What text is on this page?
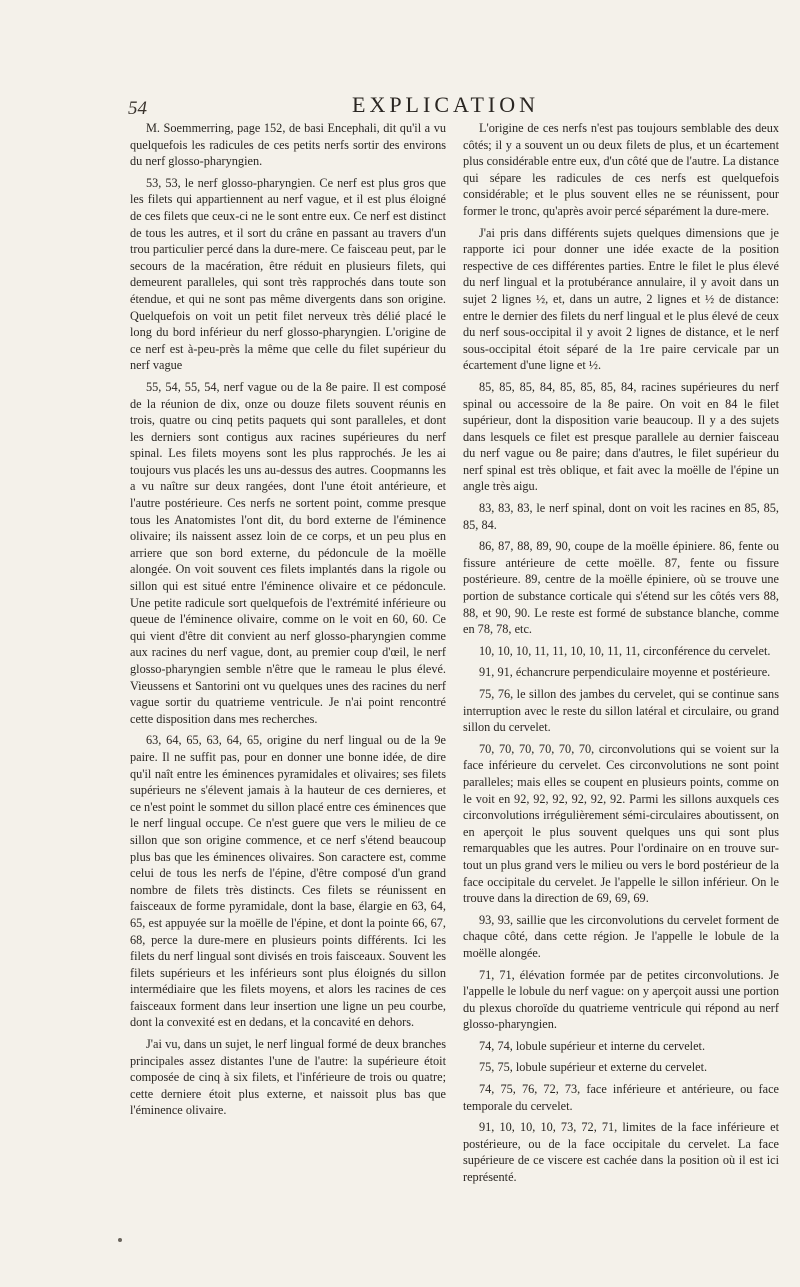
54	EXPLICATION

M. Soemmerring, page 152, de basi Encephali, dit qu'il a vu quelquefois les radicules de ces petits nerfs sortir des environs du nerf glosso-pharyngien.

53, 53, le nerf glosso-pharyngien. Ce nerf est plus gros que les filets qui appartiennent au nerf vague, et il est plus éloigné de ces filets que ceux-ci ne le sont entre eux. Ce nerf est distinct de tous les autres, et il sort du crâne en passant au travers d'un trou particulier percé dans la dure-mere. Ce faisceau peut, par le secours de la macération, être réduit en plusieurs filets, qui demeurent paralleles, qui sont très rapprochés dans toute son étendue, et qui ne sont pas même divergents dans son origine. Quelquefois on voit un petit filet nerveux très délié placé le long du bord inférieur du nerf glosso-pharyngien. L'origine de ce nerf est à-peu-près la même que celle du filet supérieur du nerf vague

55, 54, 55, 54, nerf vague ou de la 8e paire. Il est composé de la réunion de dix, onze ou douze filets souvent réunis en trois, quatre ou cinq petits paquets qui sont paralleles, et dont les derniers sont contigus aux racines supérieures du nerf spinal. Les filets moyens sont les plus rapprochés. Je les ai toujours vus placés les uns au-dessus des autres. Coopmanns les a vu naître sur deux rangées, dont l'une étoit antérieure, et l'autre postérieure. Ces nerfs ne sortent point, comme presque tous les Anatomistes l'ont dit, du bord externe de l'éminence olivaire; ils naissent assez loin de ce corps, et un peu plus en arriere que son bord externe, du pédoncule de la moëlle alongée. On voit souvent ces filets implantés dans la rigole ou sillon qui est situé entre l'éminence olivaire et ce pédoncule. Une petite radicule sort quelquefois de l'extrémité inférieure ou queue de l'éminence olivaire, comme on le voit en 60, 60. Ce qui vient d'être dit convient au nerf glosso-pharyngien comme aux racines du nerf vague, dont, au premier coup d'œil, le nerf glosso-pharyngien semble n'être que le rameau le plus élevé. Vieussens et Santorini ont vu quelques unes des racines du nerf vague sortir du quatrieme ventricule. Je n'ai point rencontré cette disposition dans mes recherches.

63, 64, 65, 63, 64, 65, origine du nerf lingual ou de la 9e paire. Il ne suffit pas, pour en donner une bonne idée, de dire qu'il naît entre les éminences pyramidales et olivaires; ses filets supérieurs ne s'élevent jamais à la hauteur de ces dernieres, et ce n'est point le sommet du sillon placé entre ces éminences que le nerf lingual occupe. Ce n'est guere que vers le milieu de ce sillon que son origine commence, et ce nerf s'étend beaucoup plus bas que les éminences olivaires. Son caractere est, comme celui de tous les nerfs de l'épine, d'être composé d'un grand nombre de filets très distincts. Ces filets se réunissent en faisceaux de forme pyramidale, dont la base, élargie en 63, 64, 65, est appuyée sur la moëlle de l'épine, et dont la pointe 66, 67, 68, perce la dure-mere en plusieurs points différents. Ici les filets du nerf lingual sont divisés en trois faisceaux. Souvent les filets supérieurs et les inférieurs sont plus éloignés du sillon intermédiaire que les filets moyens, et alors les racines de ces faisceaux forment dans leur insertion une ligne un peu courbe, dont la convexité est en dedans, et la concavité en dehors.

J'ai vu, dans un sujet, le nerf lingual formé de deux branches principales assez distantes l'une de l'autre: la supérieure étoit composée de cinq à six filets, et l'inférieure de trois ou quatre; cette derniere étoit plus externe, et naissoit plus bas que l'éminence olivaire.

L'origine de ces nerfs n'est pas toujours semblable des deux côtés; il y a souvent un ou deux filets de plus, et un écartement plus considérable entre eux, d'un côté que de l'autre. La distance qui sépare les radicules de ces nerfs est quelquefois considérable; et le plus souvent elles ne se réunissent, pour former le tronc, qu'après avoir percé séparément la dure-mere.

J'ai pris dans différents sujets quelques dimensions que je rapporte ici pour donner une idée exacte de la position respective de ces différentes parties. Entre le filet le plus élevé du nerf lingual et la protubérance annulaire, il y avoit dans un sujet 2 lignes ½, et, dans un autre, 2 lignes et ½ de distance: entre le dernier des filets du nerf lingual et le plus élevé de ceux du nerf sous-occipital il y avoit 2 lignes de distance, et le nerf sous-occipital étoit séparé de la 1re paire cervicale par un écartement d'une ligne et ½.

85, 85, 85, 84, 85, 85, 85, 84, racines supérieures du nerf spinal ou accessoire de la 8e paire. On voit en 84 le filet supérieur, dont la disposition varie beaucoup. Il y a des sujets dans lesquels ce filet est presque parallele au dernier faisceau du nerf vague ou 8e paire; dans d'autres, le filet supérieur du nerf spinal est très oblique, et fait avec la moëlle de l'épine un angle très aigu.

83, 83, 83, le nerf spinal, dont on voit les racines en 85, 85, 85, 84.

86, 87, 88, 89, 90, coupe de la moëlle épiniere. 86, fente ou fissure antérieure de cette moëlle. 87, fente ou fissure postérieure. 89, centre de la moëlle épiniere, où se trouve une portion de substance corticale qui s'étend sur les côtés vers 88, 88, et 90, 90. Le reste est formé de substance blanche, comme en 78, 78, etc.

10, 10, 10, 11, 11, 10, 10, 11, 11, circonférence du cervelet.

91, 91, échancrure perpendiculaire moyenne et postérieure.

75, 76, le sillon des jambes du cervelet, qui se continue sans interruption avec le reste du sillon latéral et circulaire, ou grand sillon du cervelet.

70, 70, 70, 70, 70, 70, circonvolutions qui se voient sur la face inférieure du cervelet. Ces circonvolutions ne sont point paralleles; mais elles se coupent en plusieurs points, comme on le voit en 92, 92, 92, 92, 92, 92. Parmi les sillons auxquels ces circonvolutions irrégulièrement sémi-circulaires aboutissent, on en aperçoit le plus souvent quelques uns qui sont plus remarquables que les autres. Pour l'ordinaire on en trouve sur-tout un plus grand vers le milieu ou vers le bord postérieur de la face occipitale du cervelet. Je l'appelle le sillon inférieur. On le trouve dans la direction de 69, 69, 69.

93, 93, saillie que les circonvolutions du cervelet forment de chaque côté, dans cette région. Je l'appelle le lobule de la moëlle alongée.

71, 71, élévation formée par de petites circonvolutions. Je l'appelle le lobule du nerf vague: on y aperçoit aussi une portion du plexus choroïde du quatrieme ventricule qui répond au nerf glosso-pharyngien.

74, 74, lobule supérieur et interne du cervelet.

75, 75, lobule supérieur et externe du cervelet.

74, 75, 76, 72, 73, face inférieure et antérieure, ou face temporale du cervelet.

91, 10, 10, 10, 73, 72, 71, limites de la face inférieure et postérieure, ou de la face occipitale du cervelet. La face supérieure de ce viscere est cachée dans la position où il est ici représenté.
